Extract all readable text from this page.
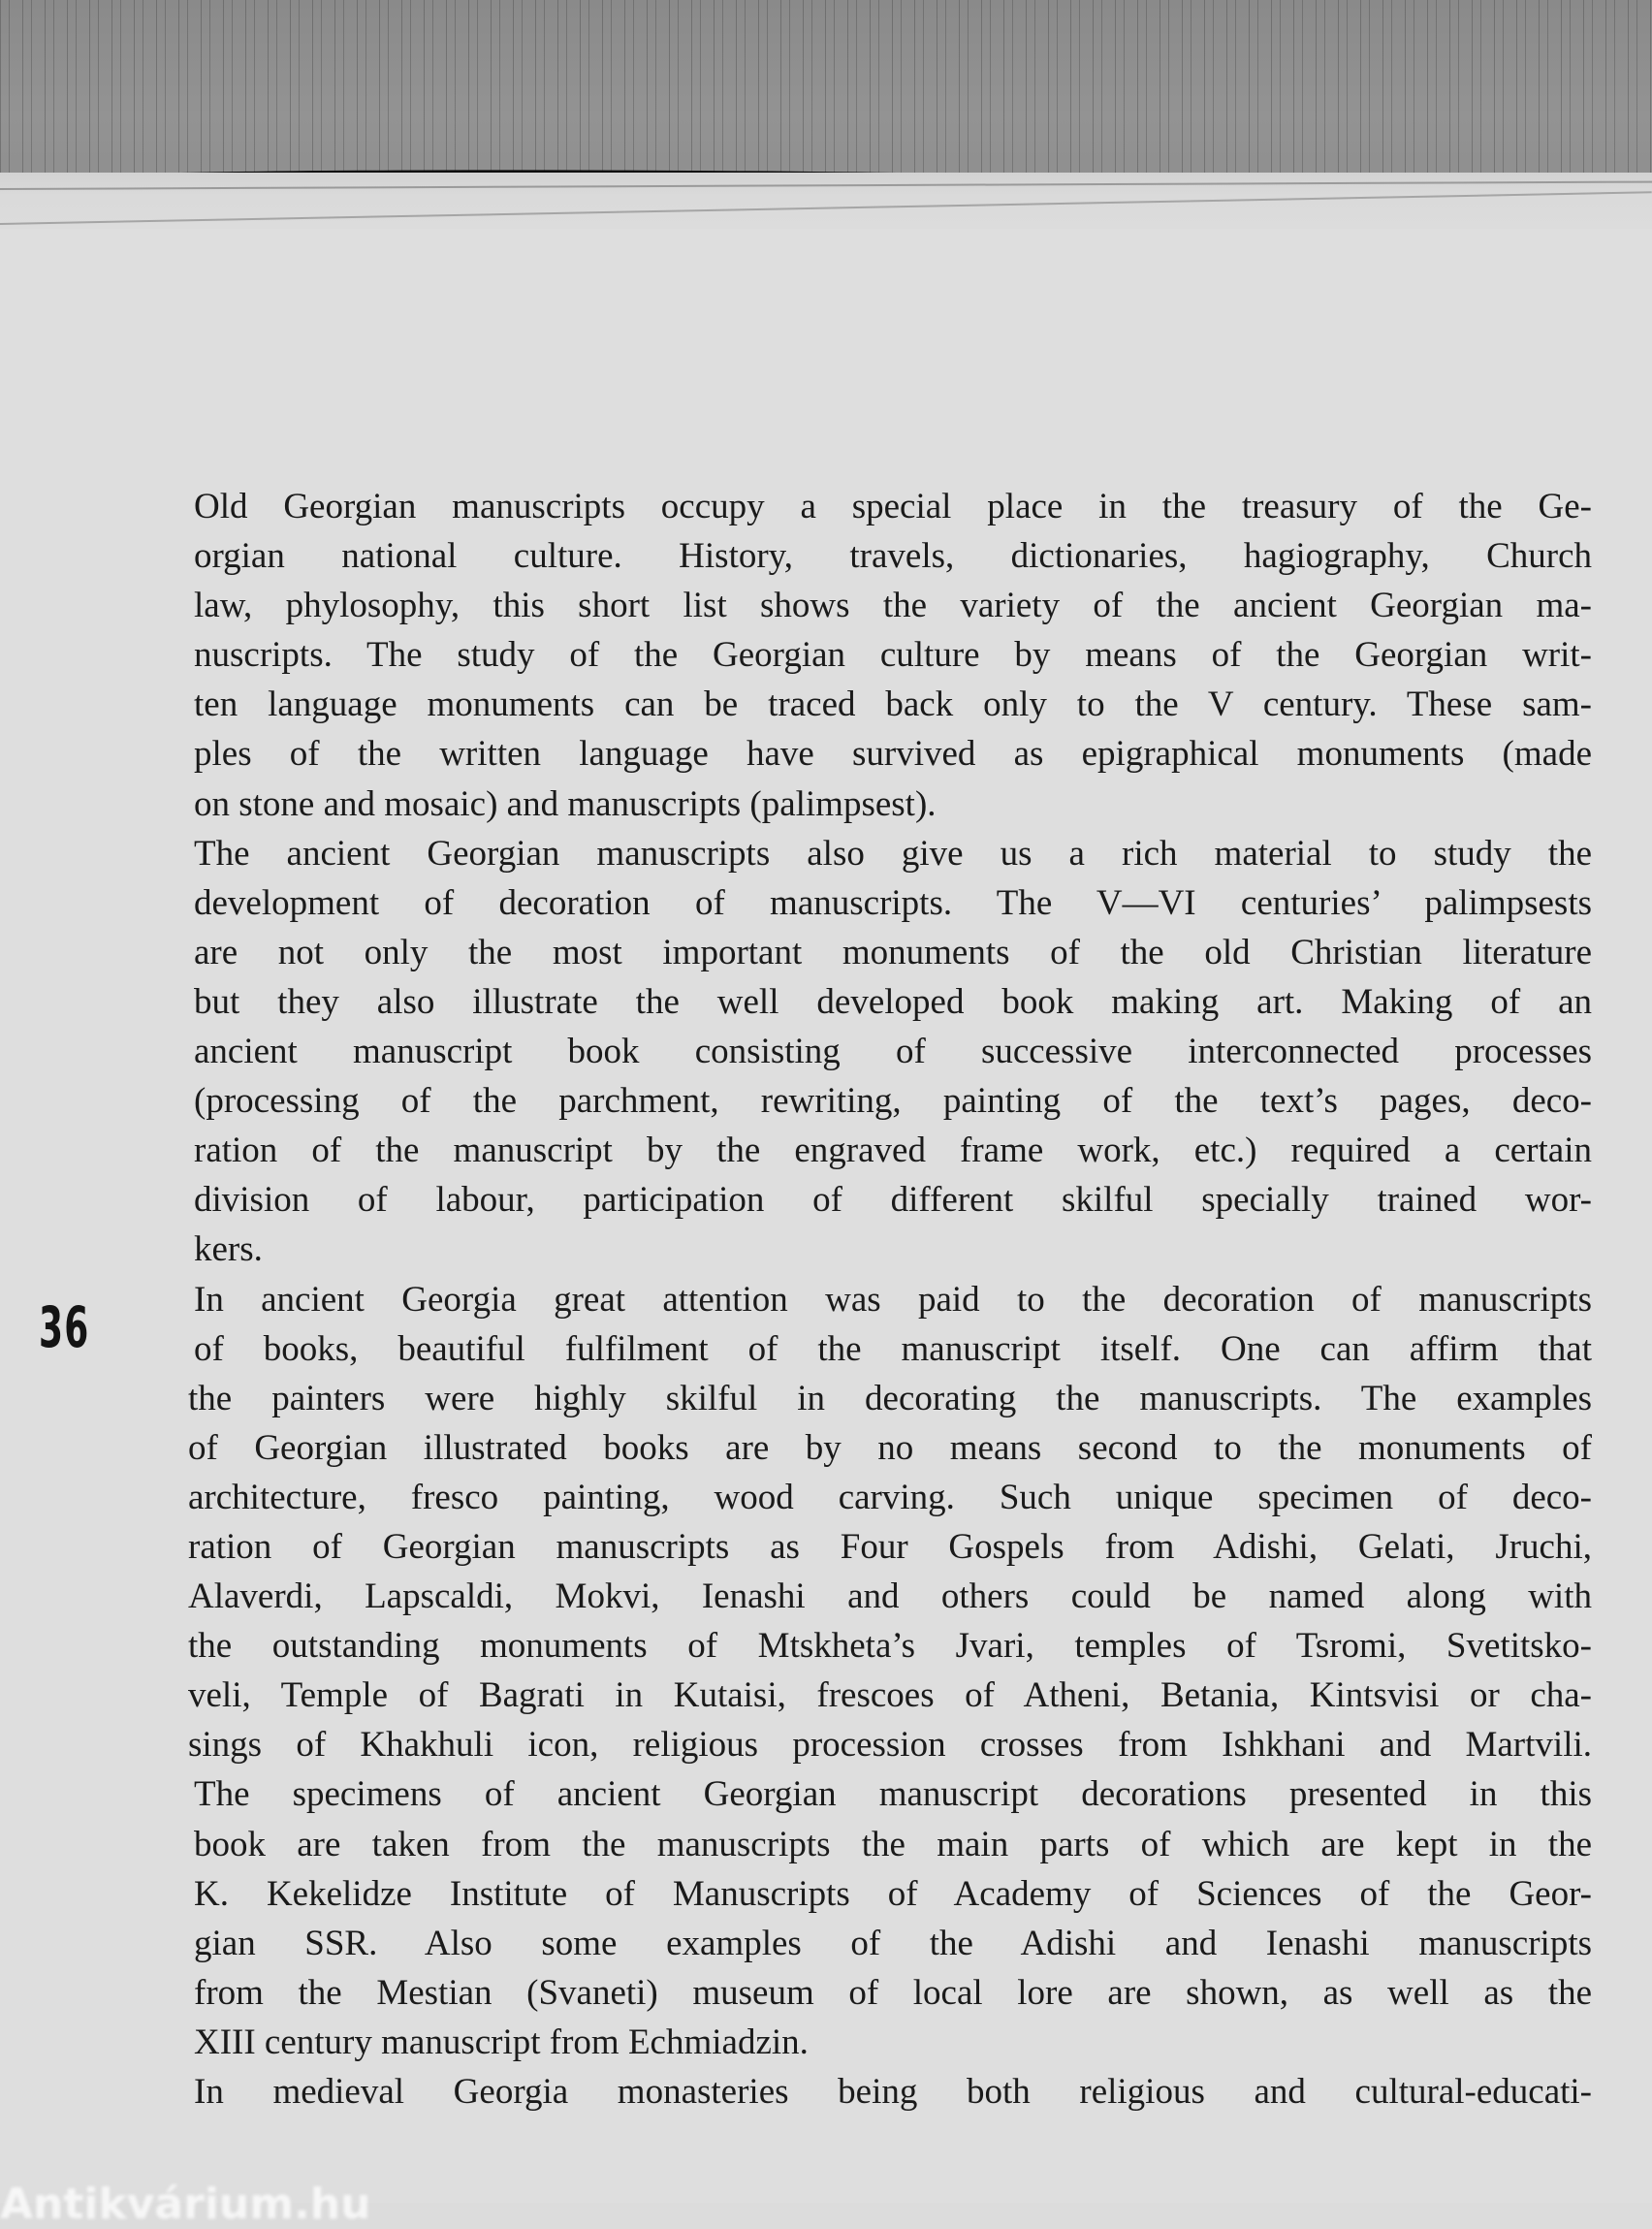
36
Old Georgian manuscripts occupy a special place in the treasury of the Ge-
orgian national culture. History, travels, dictionaries, hagiography, Church
law, phylosophy, this short list shows the variety of the ancient Georgian ma-
nuscripts. The study of the Georgian culture by means of the Georgian writ-
ten language monuments can be traced back only to the V century. These sam-
ples of the written language have survived as epigraphical monuments (made
on stone and mosaic) and manuscripts (palimpsest).
The ancient Georgian manuscripts also give us a rich material to study the
development of decoration of manuscripts. The V—VI centuries’ palimpsests
are not only the most important monuments of the old Christian literature
but they also illustrate the well developed book making art. Making of an
ancient manuscript book consisting of successive interconnected processes
(processing of the parchment, rewriting, painting of the text’s pages, deco-
ration of the manuscript by the engraved frame work, etc.) required a certain
division of labour, participation of different skilful specially trained wor-
kers.
In ancient Georgia great attention was paid to the decoration of manuscripts
of books, beautiful fulfilment of the manuscript itself. One can affirm that
the painters were highly skilful in decorating the manuscripts. The examples
of Georgian illustrated books are by no means second to the monuments of
architecture, fresco painting, wood carving. Such unique specimen of deco-
ration of Georgian manuscripts as Four Gospels from Adishi, Gelati, Jruchi,
Alaverdi, Lapscaldi, Mokvi, Ienashi and others could be named along with
the outstanding monuments of Mtskheta’s Jvari, temples of Tsromi, Svetitsko-
veli, Temple of Bagrati in Kutaisi, frescoes of Atheni, Betania, Kintsvisi or cha-
sings of Khakhuli icon, religious procession crosses from Ishkhani and Martvili.
The specimens of ancient Georgian manuscript decorations presented in this
book are taken from the manuscripts the main parts of which are kept in the
K. Kekelidze Institute of Manuscripts of Academy of Sciences of the Geor-
gian SSR. Also some examples of the Adishi and Ienashi manuscripts
from the Mestian (Svaneti) museum of local lore are shown, as well as the
XIII century manuscript from Echmiadzin.
In medieval Georgia monasteries being both religious and cultural-educati-
Antikvárium.hu
